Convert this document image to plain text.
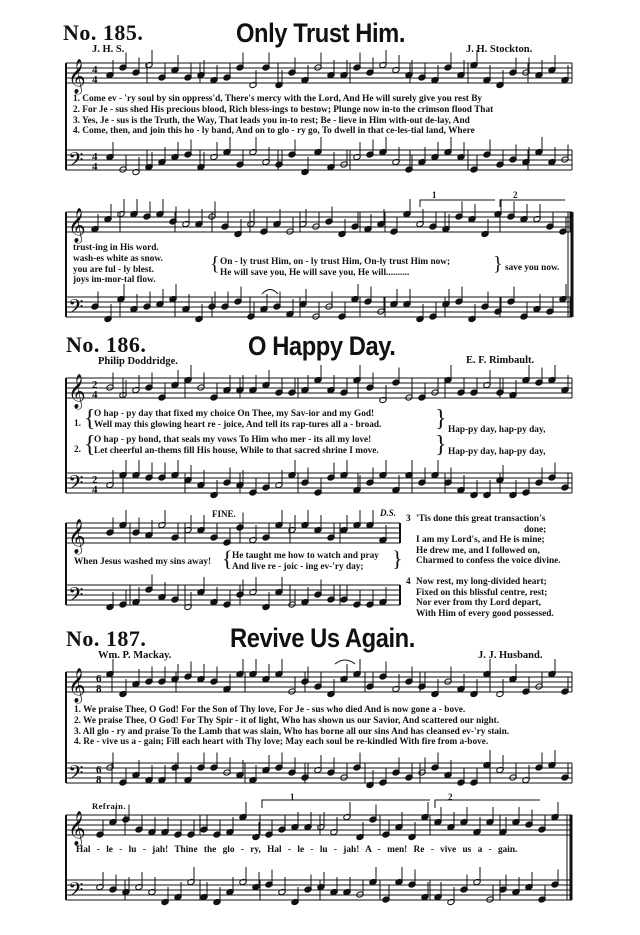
No. 185.	Only Trust Him.
J. H. S.	J. H. Stockton.
𝄞
𝄢
𝄞
𝄢
𝄞
𝄢
𝄞
𝄢
𝄞
𝄢
𝄞
𝄢
4
4
4
4
2
4
2
4
6
8
6
8
1. Come ev - 'ry soul by sin oppress'd, There's mercy with the Lord, And He will surely give you rest By
2. For Je - sus shed His precious blood, Rich bless-ings to bestow; Plunge now in-to the crimson flood That
3. Yes, Je - sus is the Truth, the Way, That leads you in-to rest; Be - lieve in Him with-out de-lay, And
4. Come, then, and join this ho - ly band, And on to glo - ry go, To dwell in that ce-les-tial land, Where
trust-ing in His word.
wash-es white as snow.
you are ful - ly blest.
joys im-mor-tal flow.
{ On - ly trust Him, on - ly trust Him, On-ly trust Him now;
He will save you, He will save you, He will..........	} save you now.
1	2
No. 186.	O Happy Day.
Philip Doddridge.	E. F. Rimbault.
1. {
O hap - py day that fixed my choice On Thee, my Sav-ior and my God!
Well may this glowing heart re - joice, And tell its rap-tures all a - broad. } Hap-py day, hap-py day,
2. {
O hap - py bond, that seals my vows To Him who mer - its all my love!
Let cheerful an-thems fill His house, While to that sacred shrine I move. } Hap-py day, hap-py day,
FINE.	D.S.
When Jesus washed my sins away! { He taught me how to watch and pray
And live re - joic - ing ev-'ry day;	}
3 'Tis done this great transaction's
done;
I am my Lord's, and He is mine;
He drew me, and I followed on,
Charmed to confess the voice divine.
4 Now rest, my long-divided heart;
Fixed on this blissful centre, rest;
Nor ever from thy Lord depart,
With Him of every good possessed.
No. 187.	Revive Us Again.
Wm. P. Mackay.	J. J. Husband.
1. We praise Thee, O God! For the Son of Thy love, For Je - sus who died And is now gone a - bove.
2. We praise Thee, O God! For Thy Spir - it of light, Who has shown us our Savior, And scattered our night.
3. All glo - ry and praise To the Lamb that was slain, Who has borne all our sins And has cleansed ev-'ry stain.
4. Re - vive us a - gain; Fill each heart with Thy love; May each soul be re-kindled With fire from a-bove.
Refrain.
Hal - le - lu - jah! Thine the glo - ry, Hal - le - lu - jah! A - men! Re - vive us a - gain.
1	2
